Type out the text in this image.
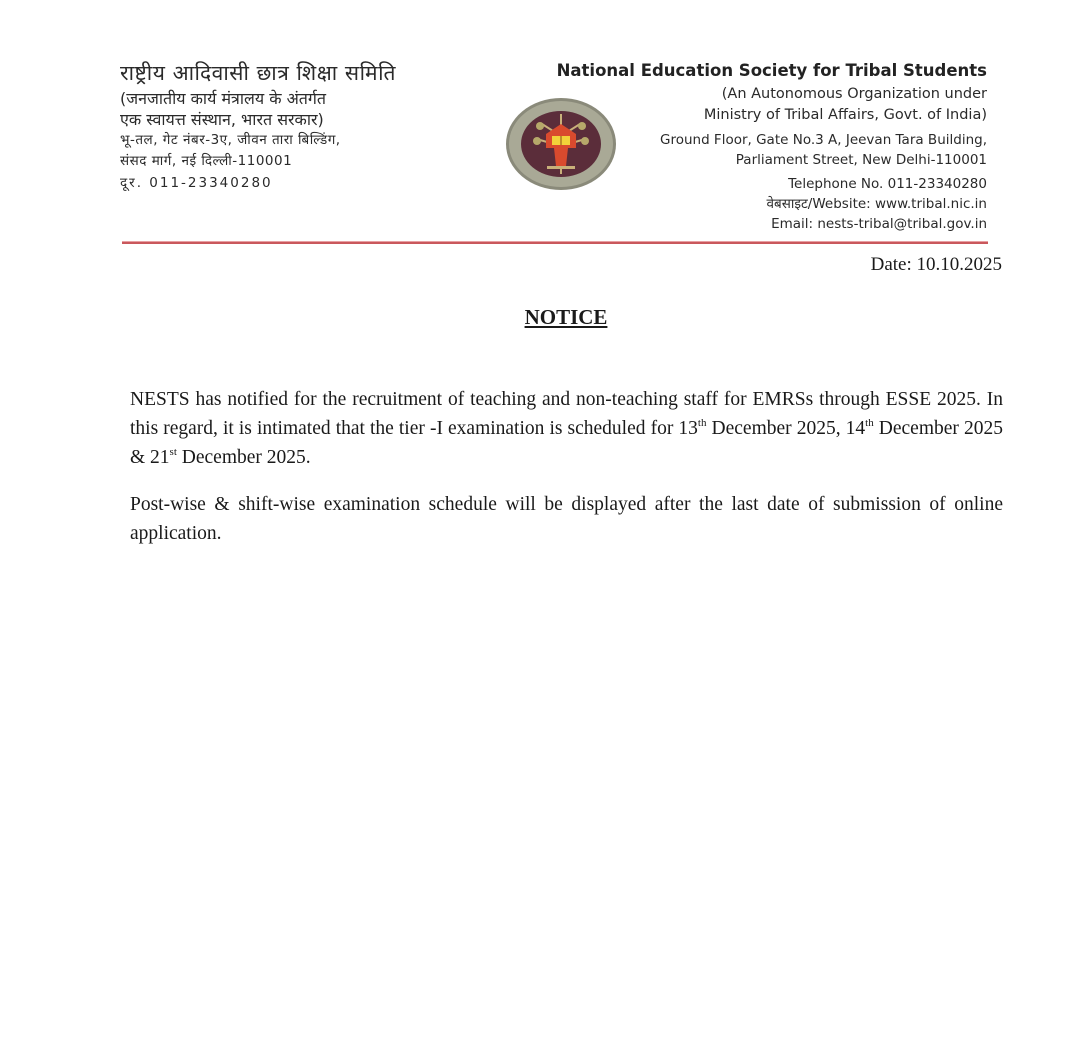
राष्ट्रीय आदिवासी छात्र शिक्षा समिति
(जनजातीय कार्य मंत्रालय के अंतर्गत
एक स्वायत्त संस्थान, भारत सरकार)
भू-तल, गेट नंबर-3ए, जीवन तारा बिल्डिंग,
संसद मार्ग, नई दिल्ली-110001
दूर. 011-23340280
National Education Society for Tribal Students
(An Autonomous Organization under
Ministry of Tribal Affairs, Govt. of India)
Ground Floor, Gate No.3 A, Jeevan Tara Building,
Parliament Street, New Delhi-110001
Telephone No. 011-23340280
वेबसाइट/Website: www.tribal.nic.in
Email: nests-tribal@tribal.gov.in
Date: 10.10.2025
NOTICE

NESTS has notified for the recruitment of teaching and non-teaching staff for EMRSs through ESSE 2025. In this regard, it is intimated that the tier -I examination is scheduled for 13th December 2025, 14th December 2025 & 21st December 2025.

Post-wise & shift-wise examination schedule will be displayed after the last date of submission of online application.
